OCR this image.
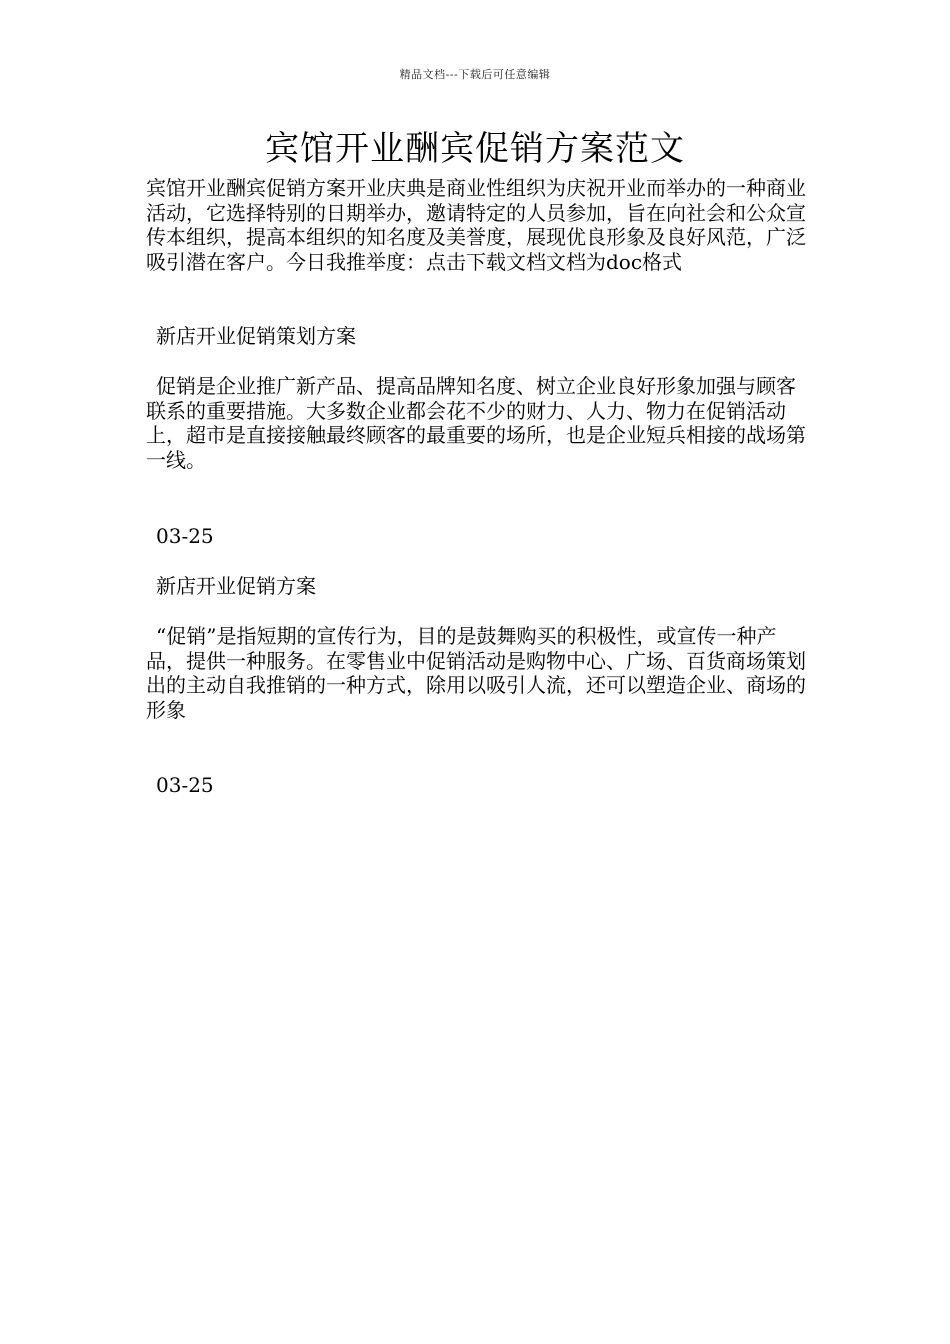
精品文档---下载后可任意编辑
宾馆开业酬宾促销方案范文

宾馆开业酬宾促销方案开业庆典是商业性组织为庆祝开业而举办的一种商业活动，它选择特别的日期举办，邀请特定的人员参加，旨在向社会和公众宣传本组织，提高本组织的知名度及美誉度，展现优良形象及良好风范，广泛吸引潜在客户。今日我推举度：点击下载文档文档为doc格式

新店开业促销策划方案

促销是企业推广新产品、提高品牌知名度、树立企业良好形象加强与顾客联系的重要措施。大多数企业都会花不少的财力、人力、物力在促销活动上，超市是直接接触最终顾客的最重要的场所，也是企业短兵相接的战场第一线。

03-25
新店开业促销方案

“促销”是指短期的宣传行为，目的是鼓舞购买的积极性，或宣传一种产品，提供一种服务。在零售业中促销活动是购物中心、广场、百货商场策划出的主动自我推销的一种方式，除用以吸引人流，还可以塑造企业、商场的形象

03-25
